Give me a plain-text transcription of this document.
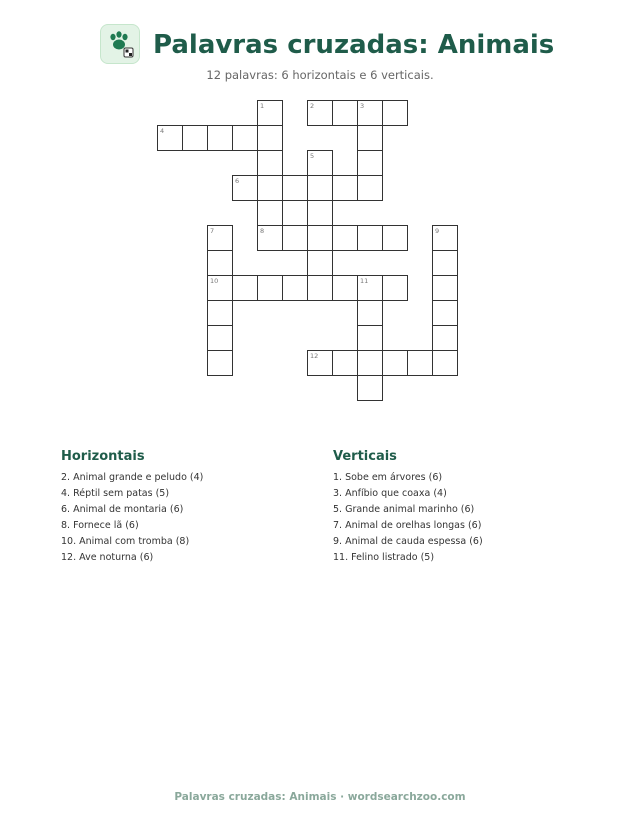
Palavras cruzadas: Animais
12 palavras: 6 horizontais e 6 verticais.
1	2	3
4
5
6
7	8	9
10	11
12
Horizontais
2. Animal grande e peludo (4)
4. Réptil sem patas (5)
6. Animal de montaria (6)
8. Fornece lã (6)
10. Animal com tromba (8)
12. Ave noturna (6)
Verticais
1. Sobe em árvores (6)
3. Anfíbio que coaxa (4)
5. Grande animal marinho (6)
7. Animal de orelhas longas (6)
9. Animal de cauda espessa (6)
11. Felino listrado (5)
Palavras cruzadas: Animais · wordsearchzoo.com
